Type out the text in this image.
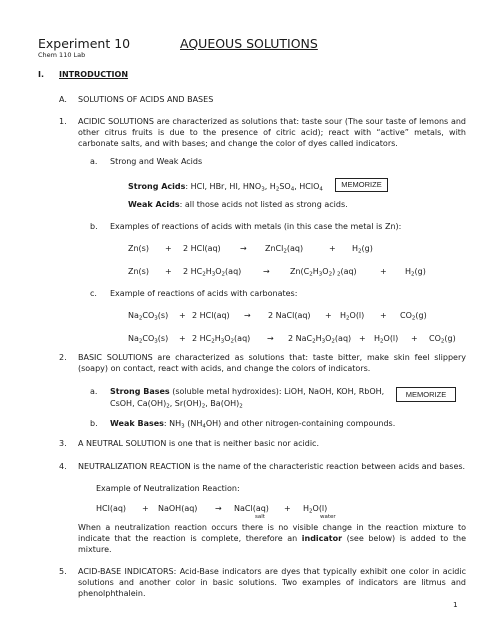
Experiment 10
Chem 110 Lab
AQUEOUS SOLUTIONS
I. INTRODUCTION
A. SOLUTIONS OF ACIDS AND BASES
1. ACIDIC SOLUTIONS are characterized as solutions that: taste sour (The sour taste of lemons and other citrus fruits is due to the presence of citric acid); react with “active” metals, with carbonate salts, and with bases; and change the color of dyes called indicators.
a. Strong and Weak Acids
Strong Acids: HCl, HBr, HI, $HNO_3$, $H_2SO_4$, HClO$_4$
MEMORIZE
Weak Acids: all those acids not listed as strong acids.
b. Examples of reactions of acids with metals (in this case the metal is Zn):
Zn(s) + 2 HCl(aq) → ZnCl$_2$(aq)	+ $H_2(g)$
Zn(s) + 2 $HC_2H_3O_2(aq)$	→	$Zn(C_2H_3O_2)$ $_2$(aq)	+ $H_2(g)$
c. Example of reactions of acids with carbonates:
$Na_2CO_3(s) + 2$ HCl(aq) → 2 NaCl(aq) + $H_2O(l) + CO_2(g)$
$Na_2CO_3(s) + 2$ $HC_2H_3O_2(aq) \to 2$ $NaC_2H_3O_2(aq) + H_2O(l) + CO_2(g)$
2. BASIC SOLUTIONS are characterized as solutions that: taste bitter, make skin feel slippery (soapy) on contact, react with acids, and change the colors of indicators.
a. Strong Bases (soluble metal hydroxides): LiOH, NaOH, KOH, RbOH,
CsOH, $Ca(OH)_2$, $Sr(OH)_2$, $Ba(OH)_2$
MEMORIZE
b. Weak Bases: $NH_3$ $(NH_4OH)$ and other nitrogen-containing compounds.
3. A NEUTRAL SOLUTION is one that is neither basic nor acidic.
4. NEUTRALIZATION REACTION is the name of the characteristic reaction between acids and bases.
Example of Neutralization Reaction:
HCl(aq) + NaOH(aq) → NaCl(aq) + $H_2O(l)$
salt	water
When a neutralization reaction occurs there is no visible change in the reaction mixture to indicate that the reaction is complete, therefore an indicator (see below) is added to the mixture.
5. ACID-BASE INDICATORS: Acid-Base indicators are dyes that typically exhibit one color in acidic solutions and another color in basic solutions. Two examples of indicators are litmus and phenolphthalein.
1
